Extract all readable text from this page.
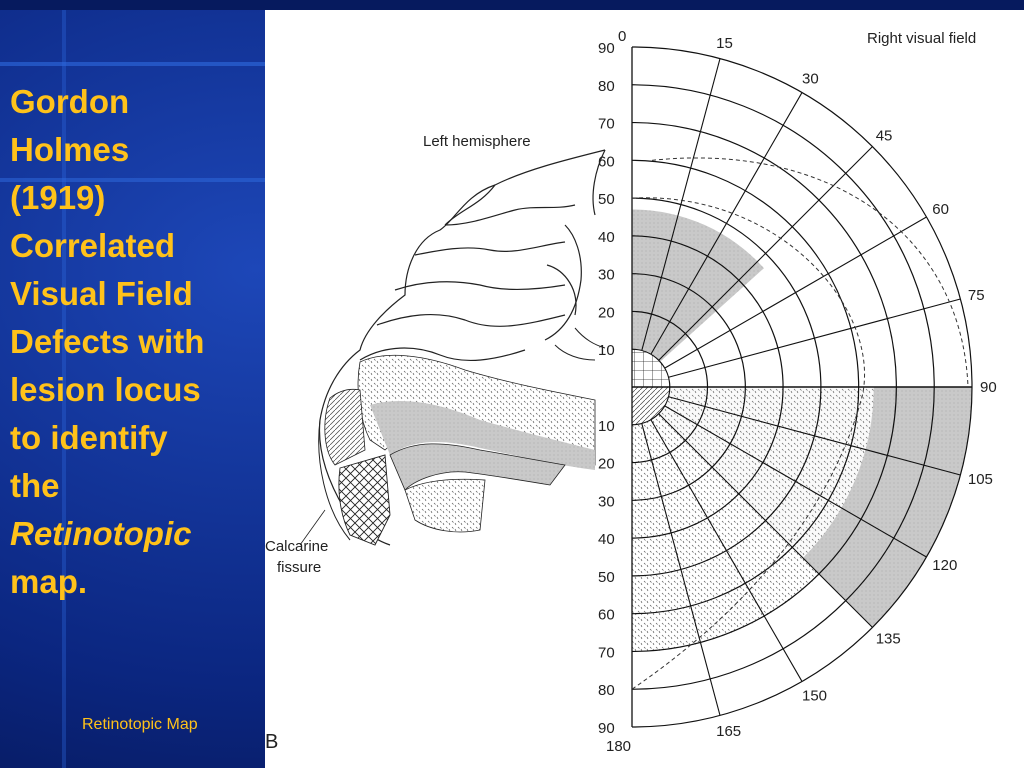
Gordon
Holmes
(1919)
Correlated
Visual Field
Defects with
lesion locus
to identify
the
Retinotopic
map.
Retinotopic Map
90
80
70
60
50
40
30
20
10
10
20
30
40
50
60
70
80
90
0	15
30
45
60
75
90
105
120
135
150
165
180
Left hemisphere
Calcarine
fissure
Right visual field
B
